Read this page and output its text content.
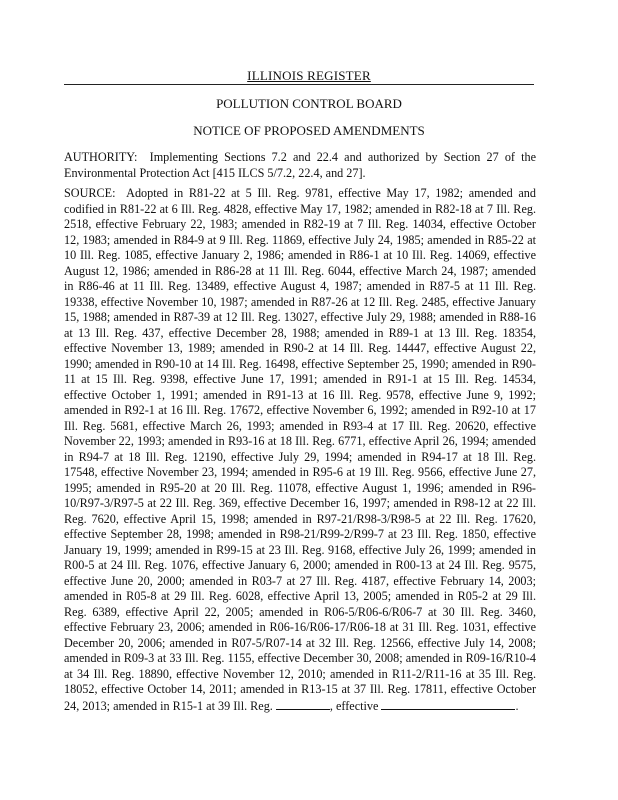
ILLINOIS REGISTER
POLLUTION CONTROL BOARD
NOTICE OF PROPOSED AMENDMENTS

AUTHORITY: Implementing Sections 7.2 and 22.4 and authorized by Section 27 of the Environmental Protection Act [415 ILCS 5/7.2, 22.4, and 27].

SOURCE: Adopted in R81-22 at 5 Ill. Reg. 9781, effective May 17, 1982; amended and codified in R81-22 at 6 Ill. Reg. 4828, effective May 17, 1982; amended in R82-18 at 7 Ill. Reg. 2518, effective February 22, 1983; amended in R82-19 at 7 Ill. Reg. 14034, effective October 12, 1983; amended in R84-9 at 9 Ill. Reg. 11869, effective July 24, 1985; amended in R85-22 at 10 Ill. Reg. 1085, effective January 2, 1986; amended in R86-1 at 10 Ill. Reg. 14069, effective August 12, 1986; amended in R86-28 at 11 Ill. Reg. 6044, effective March 24, 1987; amended in R86-46 at 11 Ill. Reg. 13489, effective August 4, 1987; amended in R87-5 at 11 Ill. Reg. 19338, effective November 10, 1987; amended in R87-26 at 12 Ill. Reg. 2485, effective January 15, 1988; amended in R87-39 at 12 Ill. Reg. 13027, effective July 29, 1988; amended in R88-16 at 13 Ill. Reg. 437, effective December 28, 1988; amended in R89-1 at 13 Ill. Reg. 18354, effective November 13, 1989; amended in R90-2 at 14 Ill. Reg. 14447, effective August 22, 1990; amended in R90-10 at 14 Ill. Reg. 16498, effective September 25, 1990; amended in R90-11 at 15 Ill. Reg. 9398, effective June 17, 1991; amended in R91-1 at 15 Ill. Reg. 14534, effective October 1, 1991; amended in R91-13 at 16 Ill. Reg. 9578, effective June 9, 1992; amended in R92-1 at 16 Ill. Reg. 17672, effective November 6, 1992; amended in R92-10 at 17 Ill. Reg. 5681, effective March 26, 1993; amended in R93-4 at 17 Ill. Reg. 20620, effective November 22, 1993; amended in R93-16 at 18 Ill. Reg. 6771, effective April 26, 1994; amended in R94-7 at 18 Ill. Reg. 12190, effective July 29, 1994; amended in R94-17 at 18 Ill. Reg. 17548, effective November 23, 1994; amended in R95-6 at 19 Ill. Reg. 9566, effective June 27, 1995; amended in R95-20 at 20 Ill. Reg. 11078, effective August 1, 1996; amended in R96-10/R97-3/R97-5 at 22 Ill. Reg. 369, effective December 16, 1997; amended in R98-12 at 22 Ill. Reg. 7620, effective April 15, 1998; amended in R97-21/R98-3/R98-5 at 22 Ill. Reg. 17620, effective September 28, 1998; amended in R98-21/R99-2/R99-7 at 23 Ill. Reg. 1850, effective January 19, 1999; amended in R99-15 at 23 Ill. Reg. 9168, effective July 26, 1999; amended in R00-5 at 24 Ill. Reg. 1076, effective January 6, 2000; amended in R00-13 at 24 Ill. Reg. 9575, effective June 20, 2000; amended in R03-7 at 27 Ill. Reg. 4187, effective February 14, 2003; amended in R05-8 at 29 Ill. Reg. 6028, effective April 13, 2005; amended in R05-2 at 29 Ill. Reg. 6389, effective April 22, 2005; amended in R06-5/R06-6/R06-7 at 30 Ill. Reg. 3460, effective February 23, 2006; amended in R06-16/R06-17/R06-18 at 31 Ill. Reg. 1031, effective December 20, 2006; amended in R07-5/R07-14 at 32 Ill. Reg. 12566, effective July 14, 2008; amended in R09-3 at 33 Ill. Reg. 1155, effective December 30, 2008; amended in R09-16/R10-4 at 34 Ill. Reg. 18890, effective November 12, 2010; amended in R11-2/R11-16 at 35 Ill. Reg. 18052, effective October 14, 2011; amended in R13-15 at 37 Ill. Reg. 17811, effective October 24, 2013; amended in R15-1 at 39 Ill. Reg.	, effective	.
